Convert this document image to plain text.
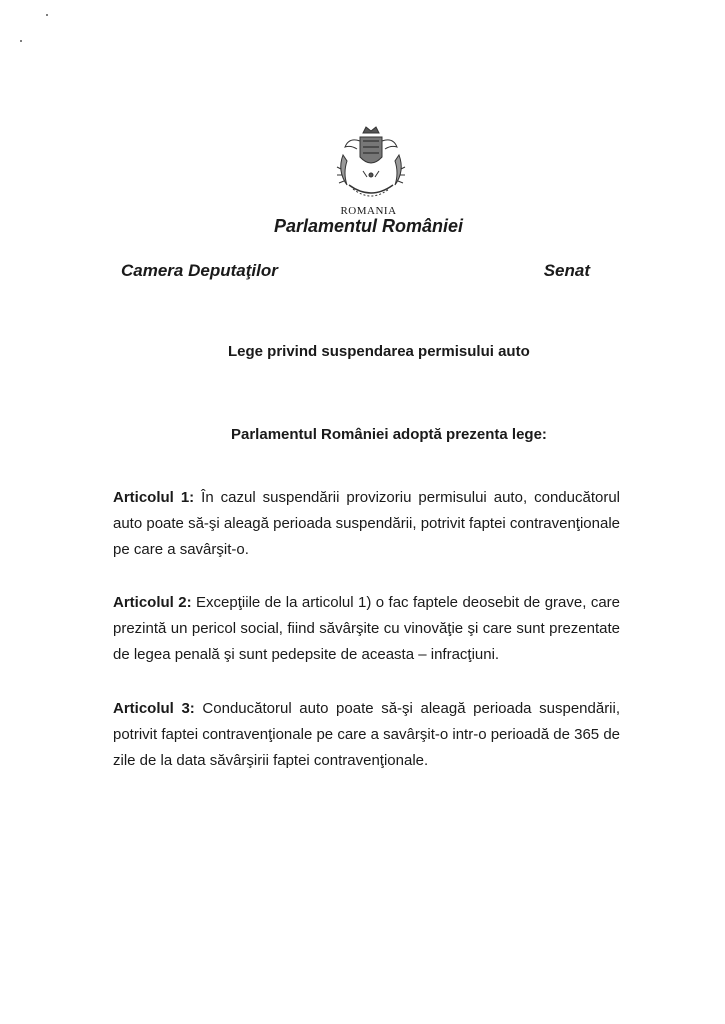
ROMANIA
Parlamentul României
Camera Deputaţilor	Senat
Lege privind suspendarea permisului auto
Parlamentul României adoptă prezenta lege:
Articolul 1: În cazul suspendării provizoriu permisului auto, conducătorul auto poate să-şi aleagă perioada suspendării, potrivit faptei contravenţionale pe care a savârşit-o.
Articolul 2: Excepţiile de la articolul 1) o fac faptele deosebit de grave, care prezintă un pericol social, fiind săvârşite cu vinovăţie şi care sunt prezentate de legea penală şi sunt pedepsite de aceasta – infracţiuni.
Articolul 3: Conducătorul auto poate să-şi aleagă perioada suspendării, potrivit faptei contravenţionale pe care a savârşit-o intr-o perioadă de 365 de zile de la data săvârşirii faptei contravenţionale.
